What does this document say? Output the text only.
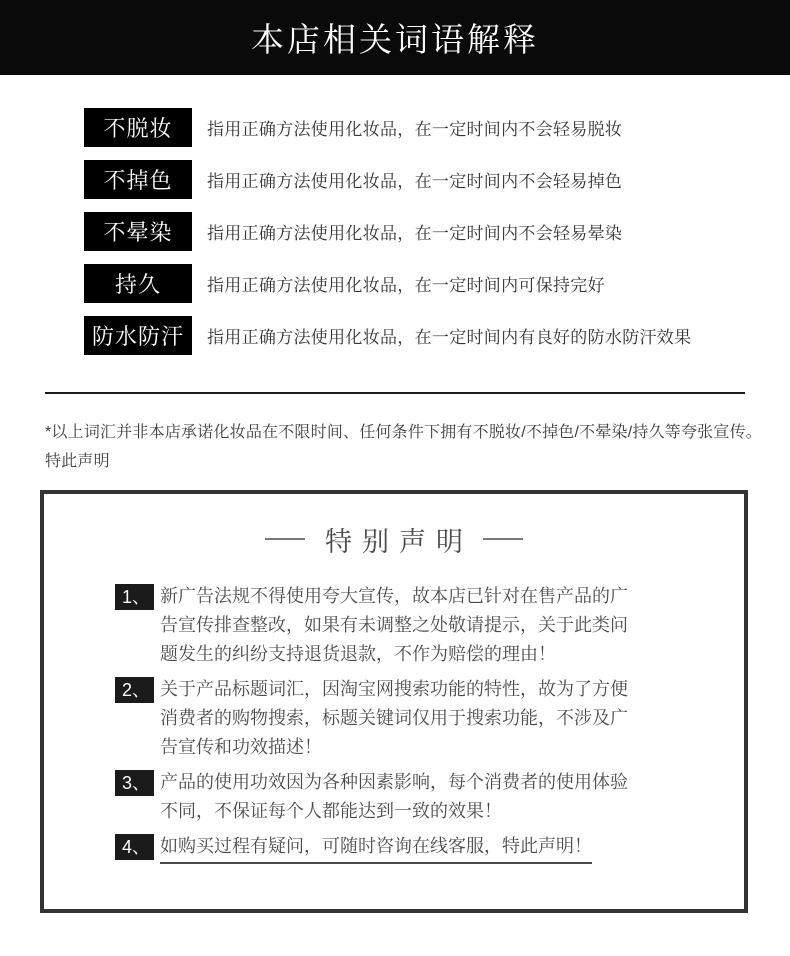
本店相关词语解释
不脱妆	指用正确方法使用化妆品，在一定时间内不会轻易脱妆
不掉色	指用正确方法使用化妆品，在一定时间内不会轻易掉色
不晕染	指用正确方法使用化妆品，在一定时间内不会轻易晕染
持久	指用正确方法使用化妆品，在一定时间内可保持完好
防水防汗	指用正确方法使用化妆品，在一定时间内有良好的防水防汗效果

*以上词汇并非本店承诺化妆品在不限时间、任何条件下拥有不脱妆/不掉色/不晕染/持久等夸张宣传。特此声明

特别声明
1、 新广告法规不得使用夸大宣传，故本店已针对在售产品的广告宣传排查整改，如果有未调整之处敬请提示，关于此类问题发生的纠纷支持退货退款，不作为赔偿的理由！

2、 关于产品标题词汇，因淘宝网搜索功能的特性，故为了方便消费者的购物搜索，标题关键词仅用于搜索功能，不涉及广告宣传和功效描述！

3、 产品的使用功效因为各种因素影响，每个消费者的使用体验不同，不保证每个人都能达到一致的效果！

4、 如购买过程有疑问，可随时咨询在线客服，特此声明！
